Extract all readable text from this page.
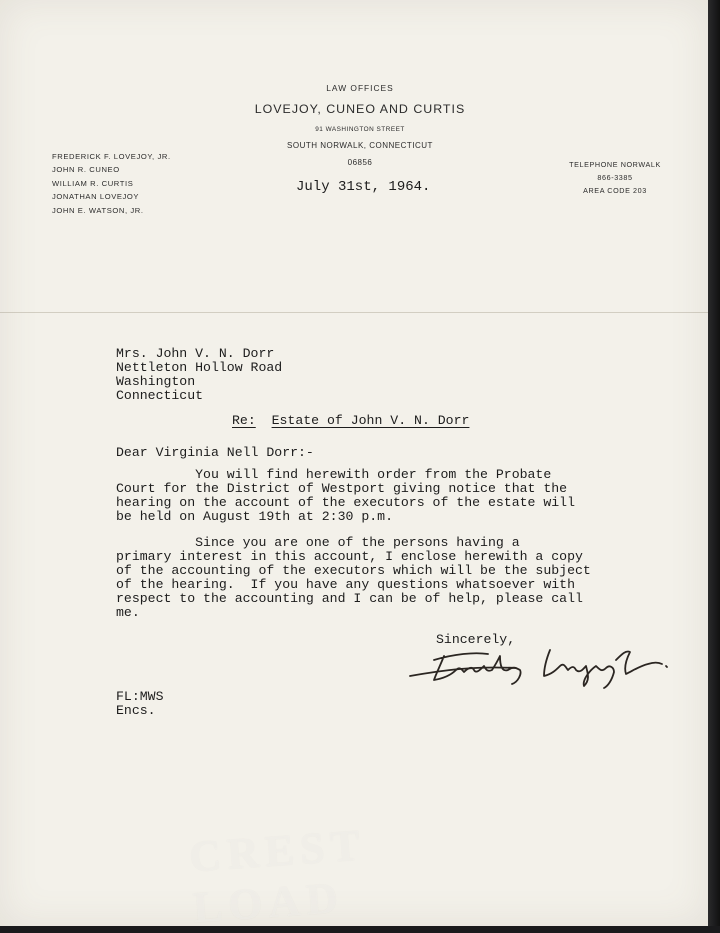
LAW OFFICES
LOVEJOY, CUNEO AND CURTIS
91 WASHINGTON STREET
SOUTH NORWALK, CONNECTICUT
06856
FREDERICK F. LOVEJOY, JR.
JOHN R. CUNEO
WILLIAM R. CURTIS
JONATHAN LOVEJOY
JOHN E. WATSON, JR.
TELEPHONE NORWALK
866-3385
AREA CODE 203
July 31st, 1964.
Mrs. John V. N. Dorr
Nettleton Hollow Road
Washington
Connecticut
Re: Estate of John V. N. Dorr
Dear Virginia Nell Dorr:-
You will find herewith order from the Probate
Court for the District of Westport giving notice that the
hearing on the account of the executors of the estate will
be held on August 19th at 2:30 p.m.
Since you are one of the persons having a
primary interest in this account, I enclose herewith a copy
of the accounting of the executors which will be the subject
of the hearing.  If you have any questions whatsoever with
respect to the accounting and I can be of help, please call
me.
Sincerely,
FL:MWS
Encs.
CREST LOAD
